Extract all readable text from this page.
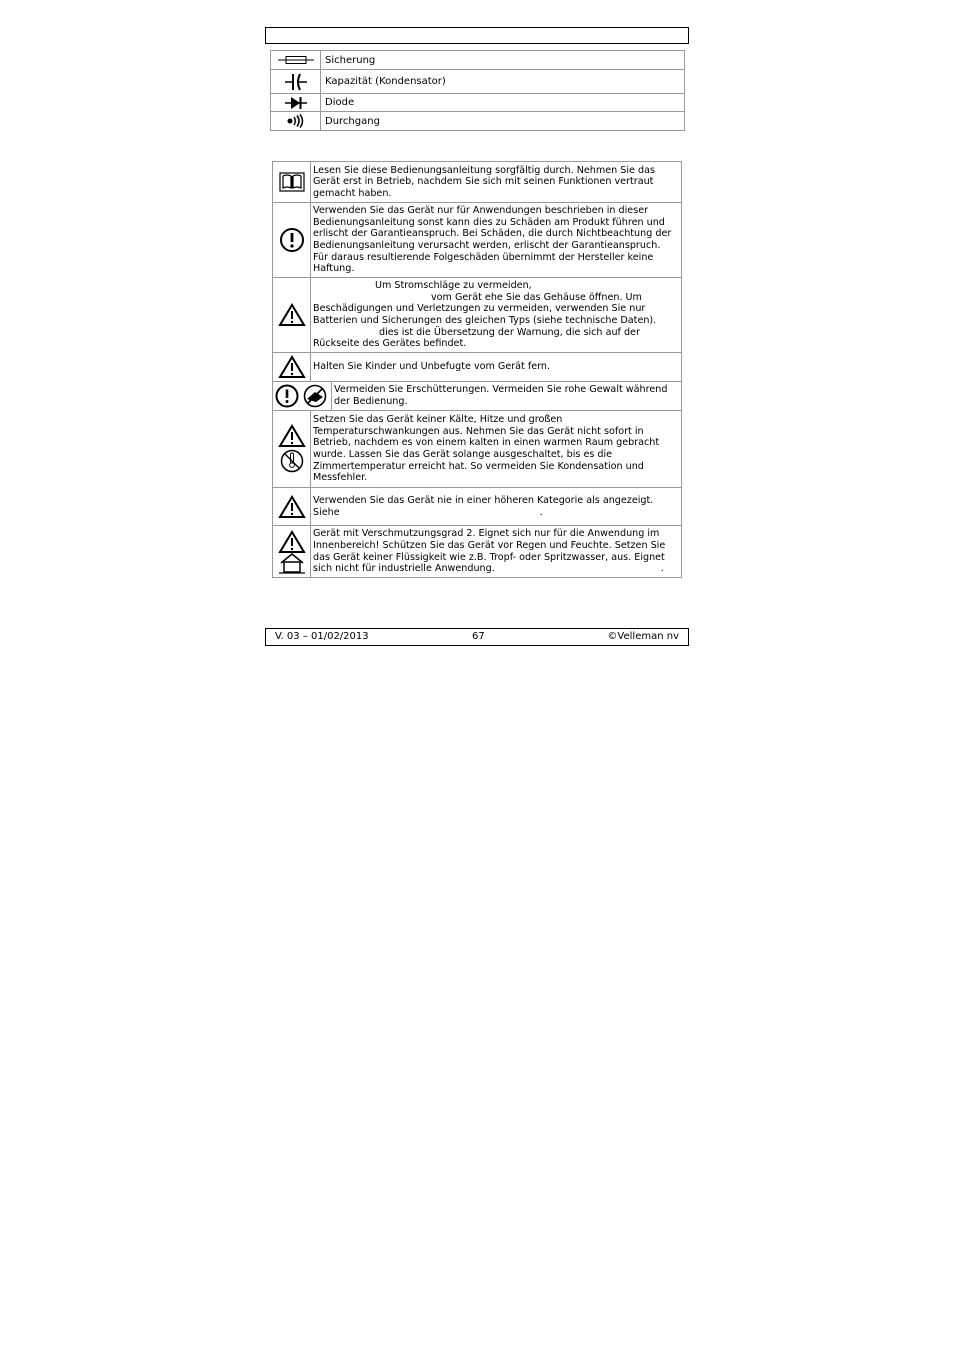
	Sicherung

	Kapazität (Kondensator)

	Diode

	Durchgang
	Lesen Sie diese Bedienungsanleitung sorgfältig durch. Nehmen Sie das Gerät erst in Betrieb, nachdem Sie sich mit seinen Funktionen vertraut gemacht haben.

	Verwenden Sie das Gerät nur für Anwendungen beschrieben in dieser Bedienungsanleitung sonst kann dies zu Schäden am Produkt führen und erlischt der Garantieanspruch. Bei Schäden, die durch Nichtbeachtung der Bedienungsanleitung verursacht werden, erlischt der Garantieanspruch. Für daraus resultierende Folgeschäden übernimmt der Hersteller keine Haftung.

	Um Stromschläge zu vermeiden,
vom Gerät ehe Sie das Gehäuse öffnen. Um Beschädigungen und Verletzungen zu vermeiden, verwenden Sie nur Batterien und Sicherungen des gleichen Typs (siehe technische Daten).
dies ist die Übersetzung der Warnung, die sich auf der Rückseite des Gerätes befindet.

	Halten Sie Kinder und Unbefugte vom Gerät fern.

	Vermeiden Sie Erschütterungen. Vermeiden Sie rohe Gewalt während der Bedienung.

	Setzen Sie das Gerät keiner Kälte, Hitze und großen Temperaturschwankungen aus. Nehmen Sie das Gerät nicht sofort in Betrieb, nachdem es von einem kalten in einen warmen Raum gebracht wurde. Lassen Sie das Gerät solange ausgeschaltet, bis es die Zimmertemperatur erreicht hat. So vermeiden Sie Kondensation und Messfehler.

	Verwenden Sie das Gerät nie in einer höheren Kategorie als angezeigt. Siehe	.

	Gerät mit Verschmutzungsgrad 2. Eignet sich nur für die Anwendung im Innenbereich! Schützen Sie das Gerät vor Regen und Feuchte. Setzen Sie das Gerät keiner Flüssigkeit wie z.B. Tropf- oder Spritzwasser, aus. Eignet sich nicht für industrielle Anwendung.	.
V. 03 – 01/02/2013	67	©Velleman nv
